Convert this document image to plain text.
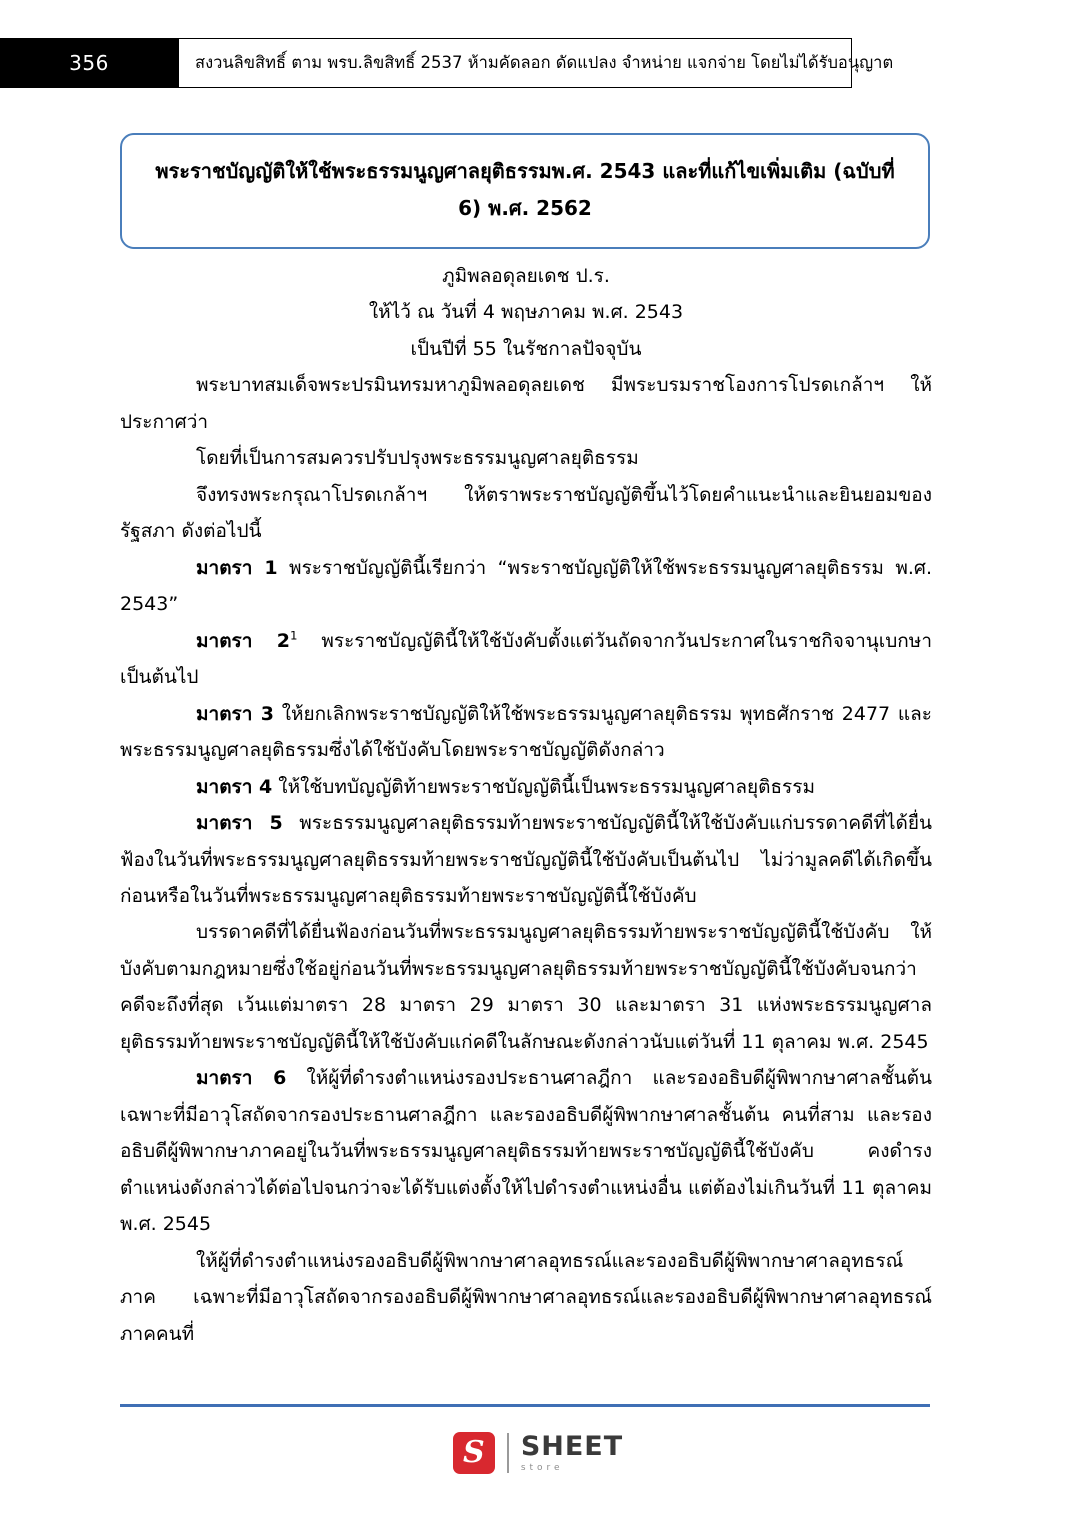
356	สงวนลิขสิทธิ์ ตาม พรบ.ลิขสิทธิ์ 2537 ห้ามคัดลอก ดัดแปลง จำหน่าย แจกจ่าย โดยไม่ได้รับอนุญาต
พระราชบัญญัติให้ใช้พระธรรมนูญศาลยุติธรรมพ.ศ. 2543 และที่แก้ไขเพิ่มเติม (ฉบับที่ 6) พ.ศ. 2562
ภูมิพลอดุลยเดช ป.ร.
ให้ไว้ ณ วันที่ 4 พฤษภาคม พ.ศ. 2543
เป็นปีที่ 55 ในรัชกาลปัจจุบัน

พระบาทสมเด็จพระปรมินทรมหาภูมิพลอดุลยเดช มีพระบรมราชโองการโปรดเกล้าฯ ให้ประกาศว่า

โดยที่เป็นการสมควรปรับปรุงพระธรรมนูญศาลยุติธรรม

จึงทรงพระกรุณาโปรดเกล้าฯ ให้ตราพระราชบัญญัติขึ้นไว้โดยคำแนะนำและยินยอมของรัฐสภา ดังต่อไปนี้

มาตรา 1 พระราชบัญญัตินี้เรียกว่า “พระราชบัญญัติให้ใช้พระธรรมนูญศาลยุติธรรม พ.ศ. 2543”

มาตรา $2^1$ พระราชบัญญัตินี้ให้ใช้บังคับตั้งแต่วันถัดจากวันประกาศในราชกิจจานุเบกษาเป็นต้นไป

มาตรา 3 ให้ยกเลิกพระราชบัญญัติให้ใช้พระธรรมนูญศาลยุติธรรม พุทธศักราช 2477 และพระธรรมนูญศาลยุติธรรมซึ่งได้ใช้บังคับโดยพระราชบัญญัติดังกล่าว

มาตรา 4 ให้ใช้บทบัญญัติท้ายพระราชบัญญัตินี้เป็นพระธรรมนูญศาลยุติธรรม

มาตรา 5 พระธรรมนูญศาลยุติธรรมท้ายพระราชบัญญัตินี้ให้ใช้บังคับแก่บรรดาคดีที่ได้ยื่นฟ้องในวันที่พระธรรมนูญศาลยุติธรรมท้ายพระราชบัญญัตินี้ใช้บังคับเป็นต้นไป ไม่ว่ามูลคดีได้เกิดขึ้นก่อนหรือในวันที่พระธรรมนูญศาลยุติธรรมท้ายพระราชบัญญัตินี้ใช้บังคับ

บรรดาคดีที่ได้ยื่นฟ้องก่อนวันที่พระธรรมนูญศาลยุติธรรมท้ายพระราชบัญญัตินี้ใช้บังคับ ให้บังคับตามกฎหมายซึ่งใช้อยู่ก่อนวันที่พระธรรมนูญศาลยุติธรรมท้ายพระราชบัญญัตินี้ใช้บังคับจนกว่าคดีจะถึงที่สุด เว้นแต่มาตรา 28 มาตรา 29 มาตรา 30 และมาตรา 31 แห่งพระธรรมนูญศาล ยุติธรรมท้ายพระราชบัญญัตินี้ให้ใช้บังคับแก่คดีในลักษณะดังกล่าวนับแต่วันที่ 11 ตุลาคม พ.ศ. 2545

มาตรา 6 ให้ผู้ที่ดำรงตำแหน่งรองประธานศาลฎีกา และรองอธิบดีผู้พิพากษาศาลชั้นต้น เฉพาะที่มีอาวุโสถัดจากรองประธานศาลฎีกา และรองอธิบดีผู้พิพากษาศาลชั้นต้น คนที่สาม และรองอธิบดีผู้พิพากษาภาคอยู่ในวันที่พระธรรมนูญศาลยุติธรรมท้ายพระราชบัญญัตินี้ใช้บังคับ คงดำรงตำแหน่งดังกล่าวได้ต่อไปจนกว่าจะได้รับแต่งตั้งให้ไปดำรงตำแหน่งอื่น แต่ต้องไม่เกินวันที่ 11 ตุลาคม พ.ศ. 2545

ให้ผู้ที่ดำรงตำแหน่งรองอธิบดีผู้พิพากษาศาลอุทธรณ์และรองอธิบดีผู้พิพากษาศาลอุทธรณ์ภาค เฉพาะที่มีอาวุโสถัดจากรองอธิบดีผู้พิพากษาศาลอุทธรณ์และรองอธิบดีผู้พิพากษาศาลอุทธรณ์ภาคคนที่

S	SHEET
store
